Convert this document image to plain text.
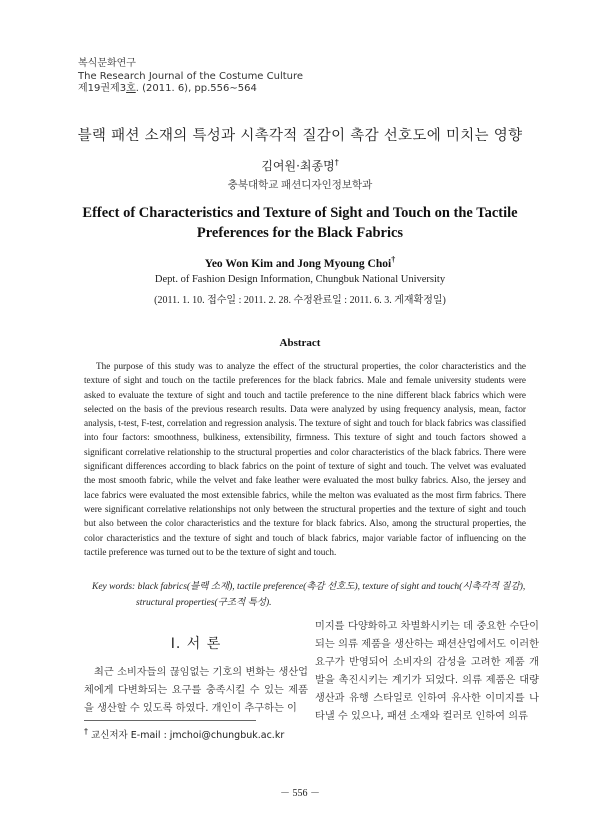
복식문화연구
The Research Journal of the Costume Culture
제19권제3호. (2011. 6), pp.556∼564
블랙 패션 소재의 특성과 시촉각적 질감이 촉감 선호도에 미치는 영향
김여원·최종명†
충북대학교 패션디자인정보학과
Effect of Characteristics and Texture of Sight and Touch on the Tactile Preferences for the Black Fabrics
Yeo Won Kim and Jong Myoung Choi†
Dept. of Fashion Design Information, Chungbuk National University
(2011. 1. 10. 접수일 : 2011. 2. 28. 수정완료일 : 2011. 6. 3. 게재확정일)
Abstract
The purpose of this study was to analyze the effect of the structural properties, the color characteristics and the texture of sight and touch on the tactile preferences for the black fabrics. Male and female university students were asked to evaluate the texture of sight and touch and tactile preference to the nine different black fabrics which were selected on the basis of the previous research results. Data were analyzed by using frequency analysis, mean, factor analysis, t-test, F-test, correlation and regression analysis. The texture of sight and touch for black fabrics was classified into four factors: smoothness, bulkiness, extensibility, firmness. This texture of sight and touch factors showed a significant correlative relationship to the structural properties and color characteristics of the black fabrics. There were significant differences according to black fabrics on the point of texture of sight and touch. The velvet was evaluated the most smooth fabric, while the velvet and fake leather were evaluated the most bulky fabrics. Also, the jersey and lace fabrics were evaluated the most extensible fabrics, while the melton was evaluated as the most firm fabrics. There were significant correlative relationships not only between the structural properties and the texture of sight and touch but also between the color characteristics and the texture for black fabrics. Also, among the structural properties, the color characteristics and the texture of sight and touch of black fabrics, major variable factor of influencing on the tactile preference was turned out to be the texture of sight and touch.
Key words: black fabrics(블랙 소재), tactile preference(촉감 선호도), texture of sight and touch(시촉각적 질감),
structural properties(구조적 특성).
Ⅰ. 서 론
최근 소비자들의 끊임없는 기호의 변화는 생산업체에게 다변화되는 요구를 충족시킬 수 있는 제품을 생산할 수 있도록 하였다. 개인이 추구하는 이
미지를 다양화하고 차별화시키는 데 중요한 수단이 되는 의류 제품을 생산하는 패션산업에서도 이러한 요구가 반영되어 소비자의 감성을 고려한 제품 개발을 촉진시키는 계기가 되었다. 의류 제품은 대량생산과 유행 스타일로 인하여 유사한 이미지를 나타낼 수 있으나, 패션 소재와 컬러로 인하여 의류
† 교신저자 E-mail : jmchoi@chungbuk.ac.kr
－ 556 －
